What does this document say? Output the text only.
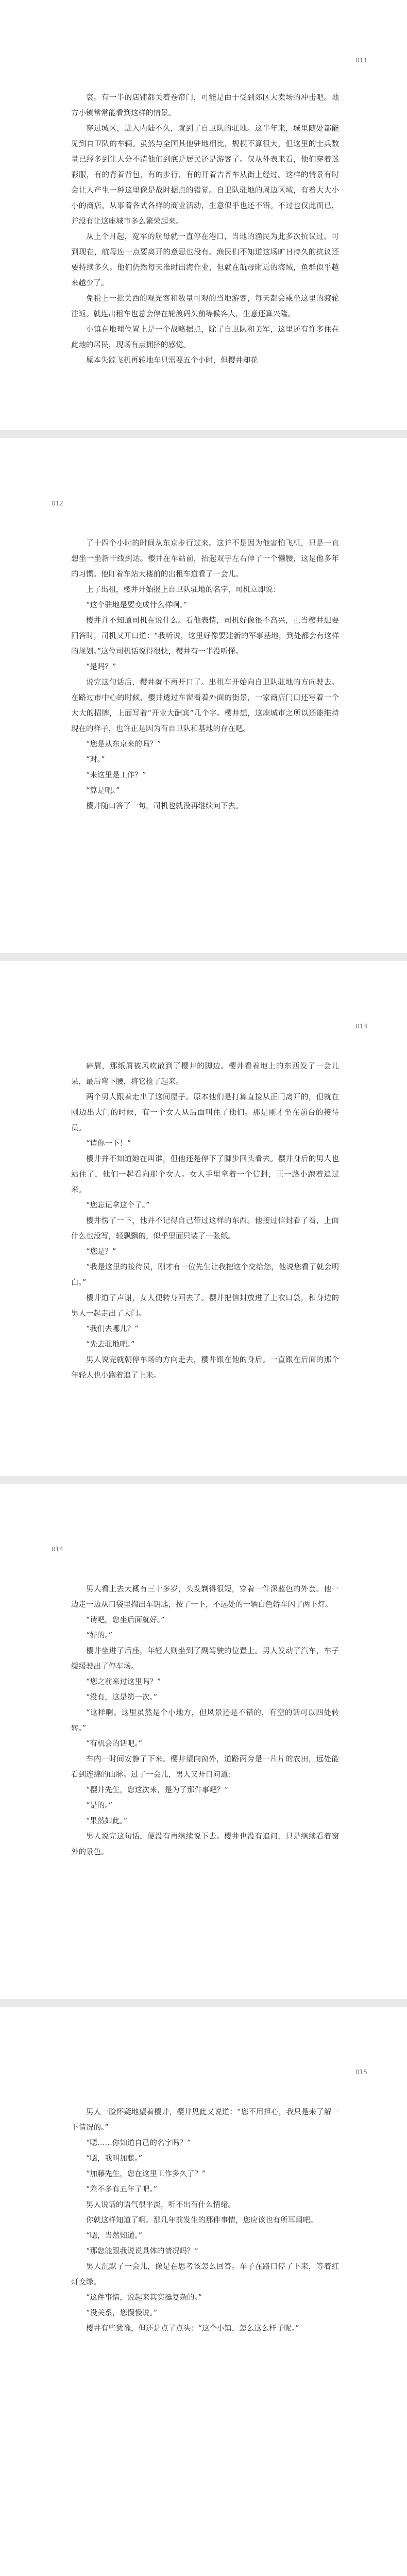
011

哀。有一半的店铺都关着卷帘门，可能是由于受到郊区大卖场的冲击吧。地方小镇常常能看到这样的情景。

穿过城区，进入内陆不久，就到了自卫队的驻地。这半年来，城里随处都能见到自卫队的车辆。虽然与全国其他驻地相比，规模不算很大，但这里的士兵数量已经多到让人分不清他们到底是居民还是游客了。仅从外表来看，他们穿着迷彩服，有的背着背包，有的步行，有的开着吉普车从街上经过。这样的情景有时会让人产生一种这里像是战时据点的错觉。自卫队驻地的周边区域，有着大大小小的商店，从事着各式各样的商业活动，生意似乎也还不错。不过也仅此而已，并没有让这座城市多么繁荣起来。

从上个月起，宽军的航母就一直停在港口，当地的渔民为此多次抗议过。可到现在，航母连一点要离开的意思也没有。渔民们不知道这场旷日持久的抗议还要持续多久。他们仍然每天准时出海作业，但就在航母附近的海域，鱼群似乎越来越少了。

免税上一批关西的观光客和数量可观的当地游客，每天都会乘坐这里的渡轮往返。就连出租车也总会停在轮渡码头前等候客人，生意还算兴隆。

小镇在地理位置上是一个战略据点，除了自卫队和美军，这里还有许多住在此地的居民，现场有点拥挤的感觉。

原本失踪飞机再转地车只需要五个小时，但樱井却花

012

了十四个小时的时间从东京步行过来。这并不是因为他害怕飞机，只是一直想坐一坐新干线到达。樱井在车站前，抬起双手左右伸了一个懒腰，这是他多年的习惯。他盯着车站大楼前的出租车道看了一会儿。

上了出租，樱井开始报上自卫队驻地的名字，司机立即说：

“这个驻地是要变成什么样啊。”

樱井并不知道司机在说什么。看他表情，司机好像很不高兴，正当樱井想要回答时，司机又开口道：“我听说，这里好像要建新的军事基地，到处都会有这样的规划。”这位司机话说得很快，樱井有一半没听懂。

“是吗？”

说完这句话后，樱井就不再开口了。出租车开始向自卫队驻地的方向驶去。在路过市中心的时候，樱井透过车窗看着外面的街景，一家商店门口还写着一个大大的招牌，上面写着“开业大酬宾”几个字。樱井想，这座城市之所以还能维持现在的样子，也许正是因为有自卫队和基地的存在吧。

“您是从东京来的吗？”

“对。”

“来这里是工作？”

“算是吧。”

樱井随口答了一句，司机也就没再继续问下去。

013

碎屑，那纸屑被风吹散到了樱井的脚边。樱井看着地上的东西发了一会儿呆，最后弯下腰，将它捡了起来。

两个男人跟着走出了这间屋子。原本他们是打算直接从正门离开的，但就在刚迈出大门的时候，有一个女人从后面叫住了他们。那是刚才坐在前台的接待员。

“请你一下！”

樱井并不知道她在叫谁，但他还是停下了脚步回头看去。樱井身后的男人也站住了，他们一起看向那个女人。女人手里拿着一个信封，正一路小跑着追过来。

“您忘记拿这个了。”

樱井愣了一下，他并不记得自己带过这样的东西。他接过信封看了看，上面什么也没写，轻飘飘的，似乎里面只装了一张纸。

“您是？”

“我是这里的接待员，刚才有一位先生让我把这个交给您，他说您看了就会明白。”

樱井道了声谢，女人便转身回去了。樱井把信封放进了上衣口袋，和身边的男人一起走出了大门。

“我们去哪儿？”

“先去驻地吧。”

男人说完就朝停车场的方向走去，樱井跟在他的身后。一直跟在后面的那个年轻人也小跑着追了上来。

014

男人看上去大概有三十多岁，头发剃得很短，穿着一件深蓝色的外套。他一边走一边从口袋里掏出车钥匙，按了一下，不远处的一辆白色轿车闪了两下灯。

“请吧，您坐后面就好。”

“好的。”

樱井坐进了后座，年轻人则坐到了副驾驶的位置上。男人发动了汽车，车子缓缓驶出了停车场。

“您之前来过这里吗？”

“没有，这是第一次。”

“这样啊。这里虽然是个小地方，但风景还是不错的，有空的话可以四处转转。”

“有机会的话吧。”

车内一时间安静了下来。樱井望向窗外，道路两旁是一片片的农田，远处能看到连绵的山脉。过了一会儿，男人又开口问道：

“樱井先生，您这次来，是为了那件事吧？”

“是的。”

“果然如此。”

男人说完这句话，便没有再继续说下去。樱井也没有追问，只是继续看着窗外的景色。

015

男人一脸怀疑地望着樱井，樱井见此又说道：“您不用担心，我只是来了解一下情况的。”

“嗯……你知道自己的名字吗？”

“嗯，我叫加藤。”

“加藤先生，您在这里工作多久了？”

“差不多有五年了吧。”

男人说话的语气很平淡，听不出有什么情绪。

你就这样知道了啊。那几年前发生的那件事情，您应该也有所耳闻吧。

“嗯，当然知道。”

“那您能跟我说说具体的情况吗？”

男人沉默了一会儿，像是在思考该怎么回答。车子在路口停了下来，等着红灯变绿。

“这件事情，说起来其实挺复杂的。”

“没关系，您慢慢说。”

樱井有些犹豫，但还是点了点头：“这个小镇，怎么这么样子呢。”
